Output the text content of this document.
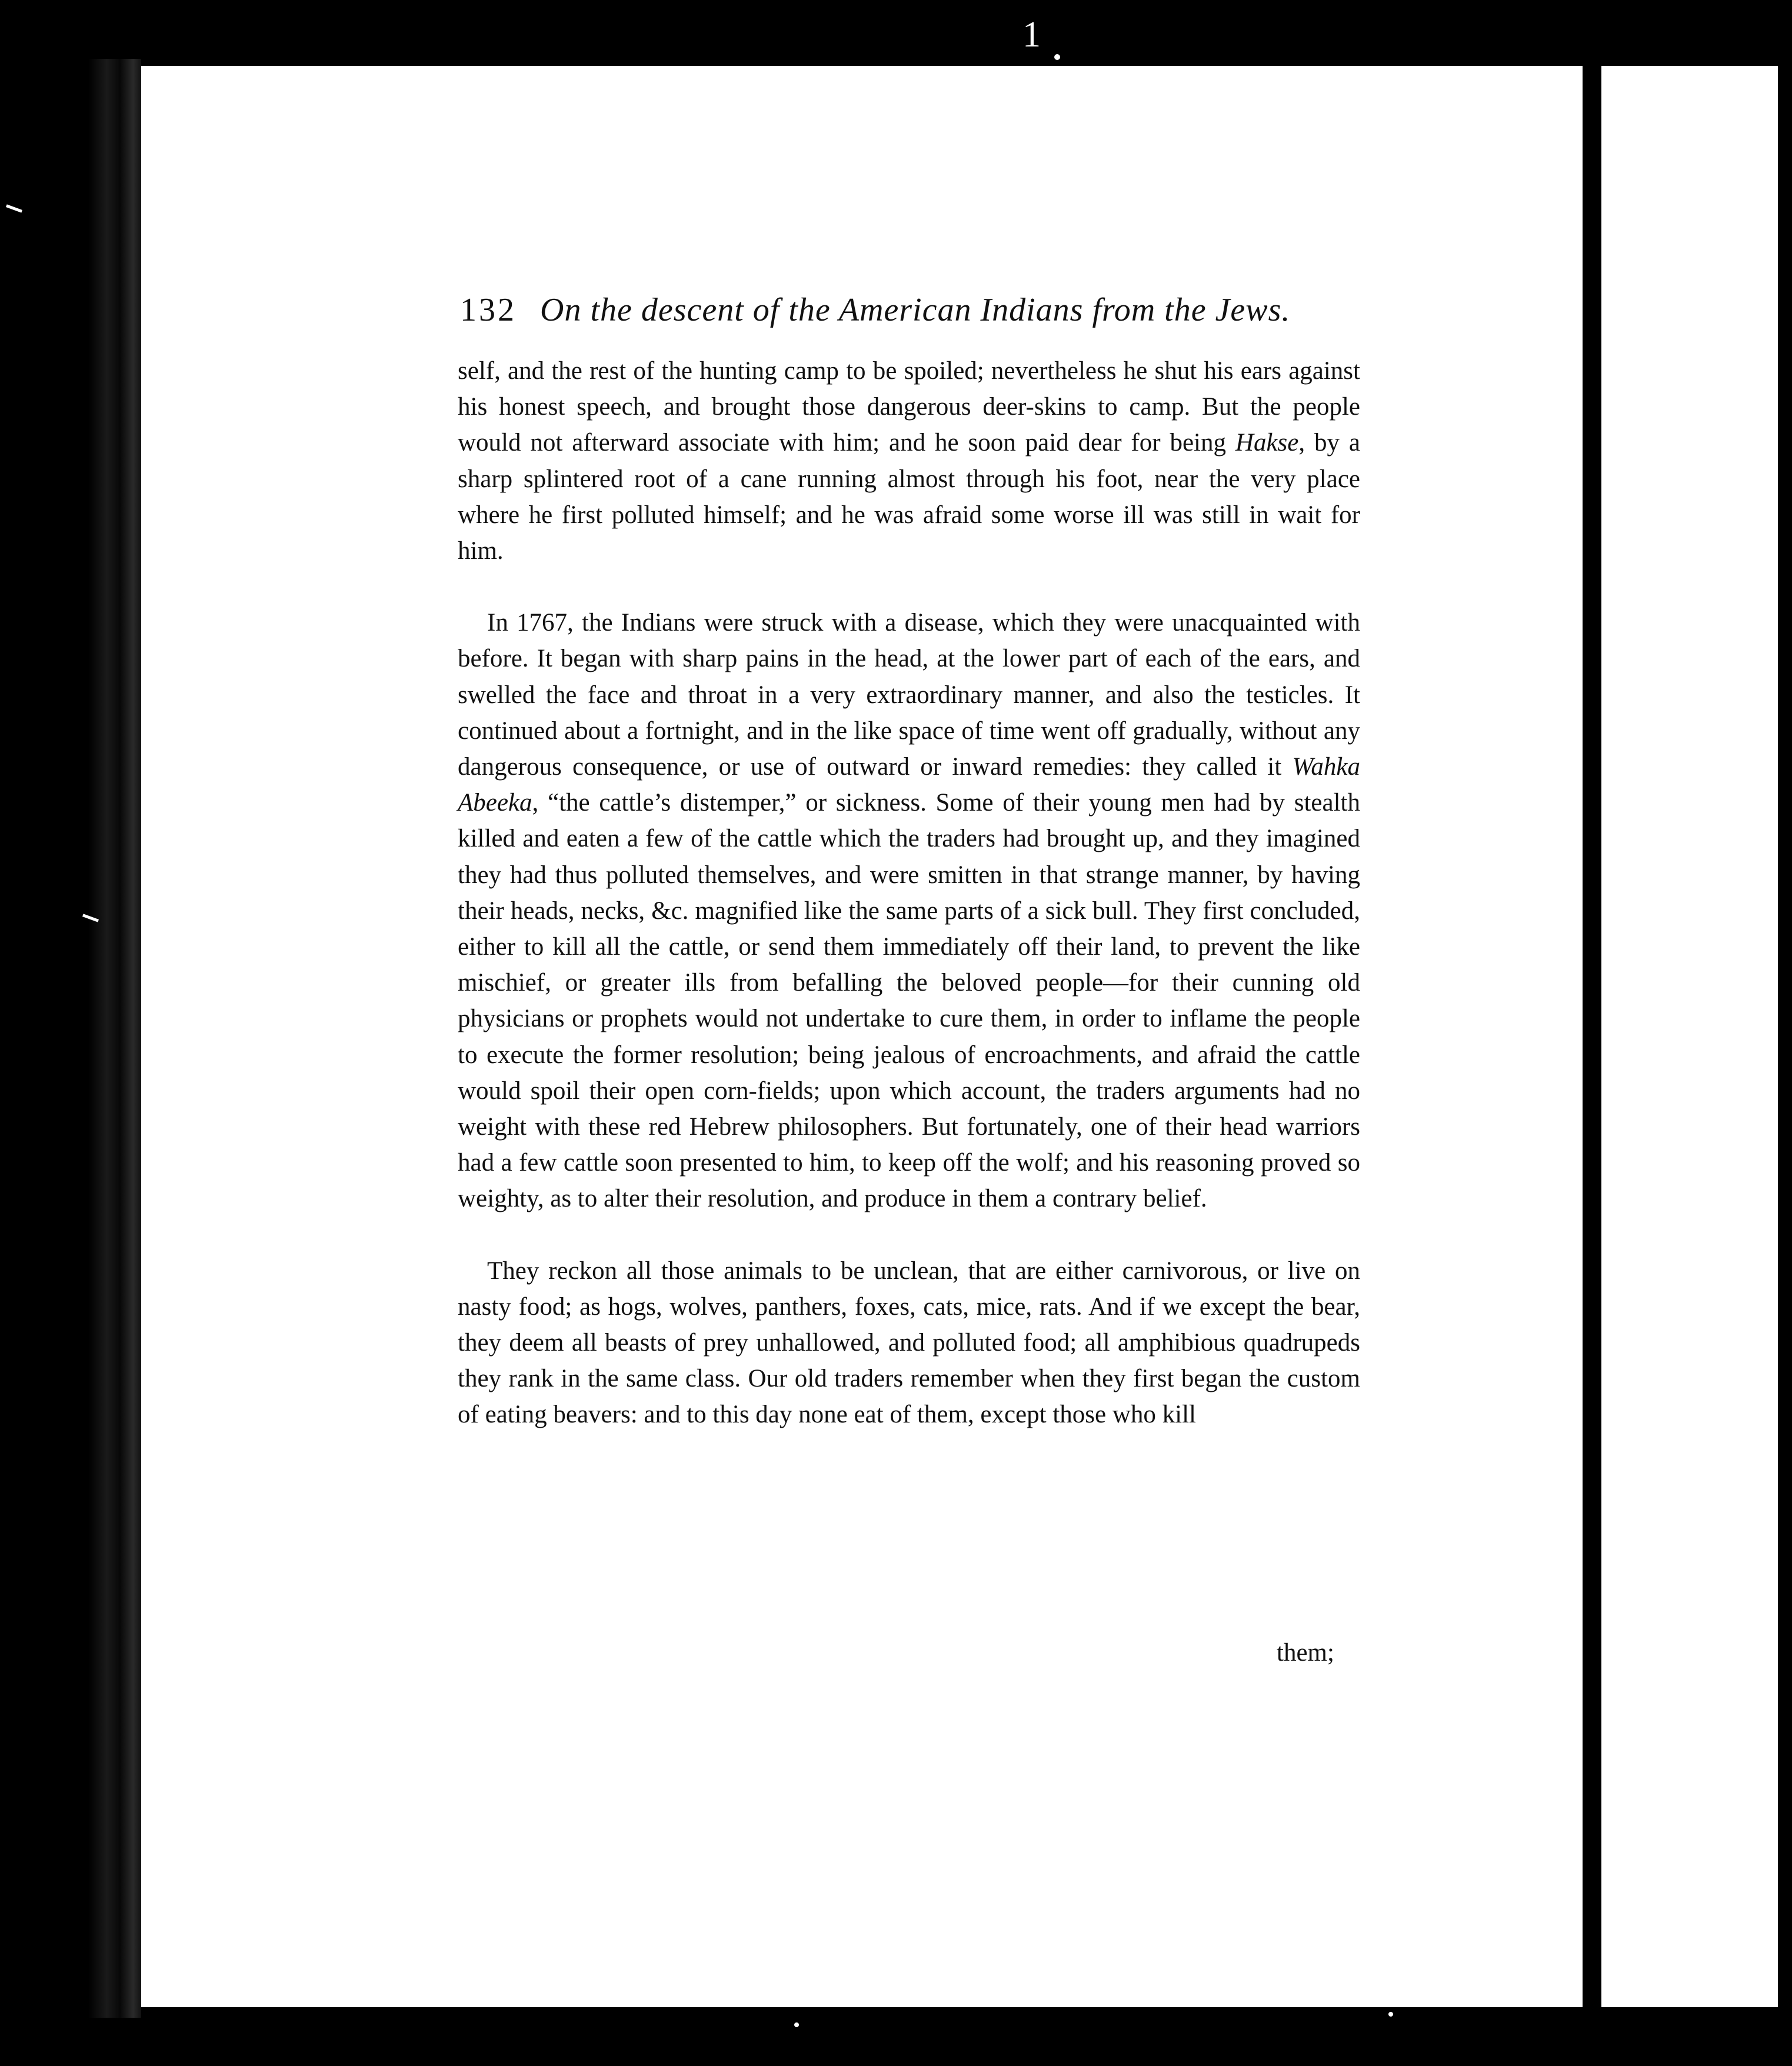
1
132 On the descent of the American Indians from the Jews.

self, and the rest of the hunting camp to be spoiled; nevertheless he shut his ears against his honest speech, and brought those dangerous deer-skins to camp. But the people would not afterward associate with him; and he soon paid dear for being Hakse, by a sharp splintered root of a cane running almost through his foot, near the very place where he first polluted himself; and he was afraid some worse ill was still in wait for him.

In 1767, the Indians were struck with a disease, which they were unacquainted with before. It began with sharp pains in the head, at the lower part of each of the ears, and swelled the face and throat in a very extraordinary manner, and also the testicles. It continued about a fortnight, and in the like space of time went off gradually, without any dangerous consequence, or use of outward or inward remedies: they called it Wahka Abeeka, “the cattle’s distemper,” or sickness. Some of their young men had by stealth killed and eaten a few of the cattle which the traders had brought up, and they imagined they had thus polluted themselves, and were smitten in that strange manner, by having their heads, necks, &c. magnified like the same parts of a sick bull. They first concluded, either to kill all the cattle, or send them immediately off their land, to prevent the like mischief, or greater ills from befalling the beloved people—for their cunning old physicians or prophets would not undertake to cure them, in order to inflame the people to execute the former resolution; being jealous of encroachments, and afraid the cattle would spoil their open corn-fields; upon which account, the traders arguments had no weight with these red Hebrew philosophers. But fortunately, one of their head warriors had a few cattle soon presented to him, to keep off the wolf; and his reasoning proved so weighty, as to alter their resolution, and produce in them a contrary belief.

They reckon all those animals to be unclean, that are either carnivorous, or live on nasty food; as hogs, wolves, panthers, foxes, cats, mice, rats. And if we except the bear, they deem all beasts of prey unhallowed, and polluted food; all amphibious quadrupeds they rank in the same class. Our old traders remember when they first began the custom of eating beavers: and to this day none eat of them, except those who kill

them;
